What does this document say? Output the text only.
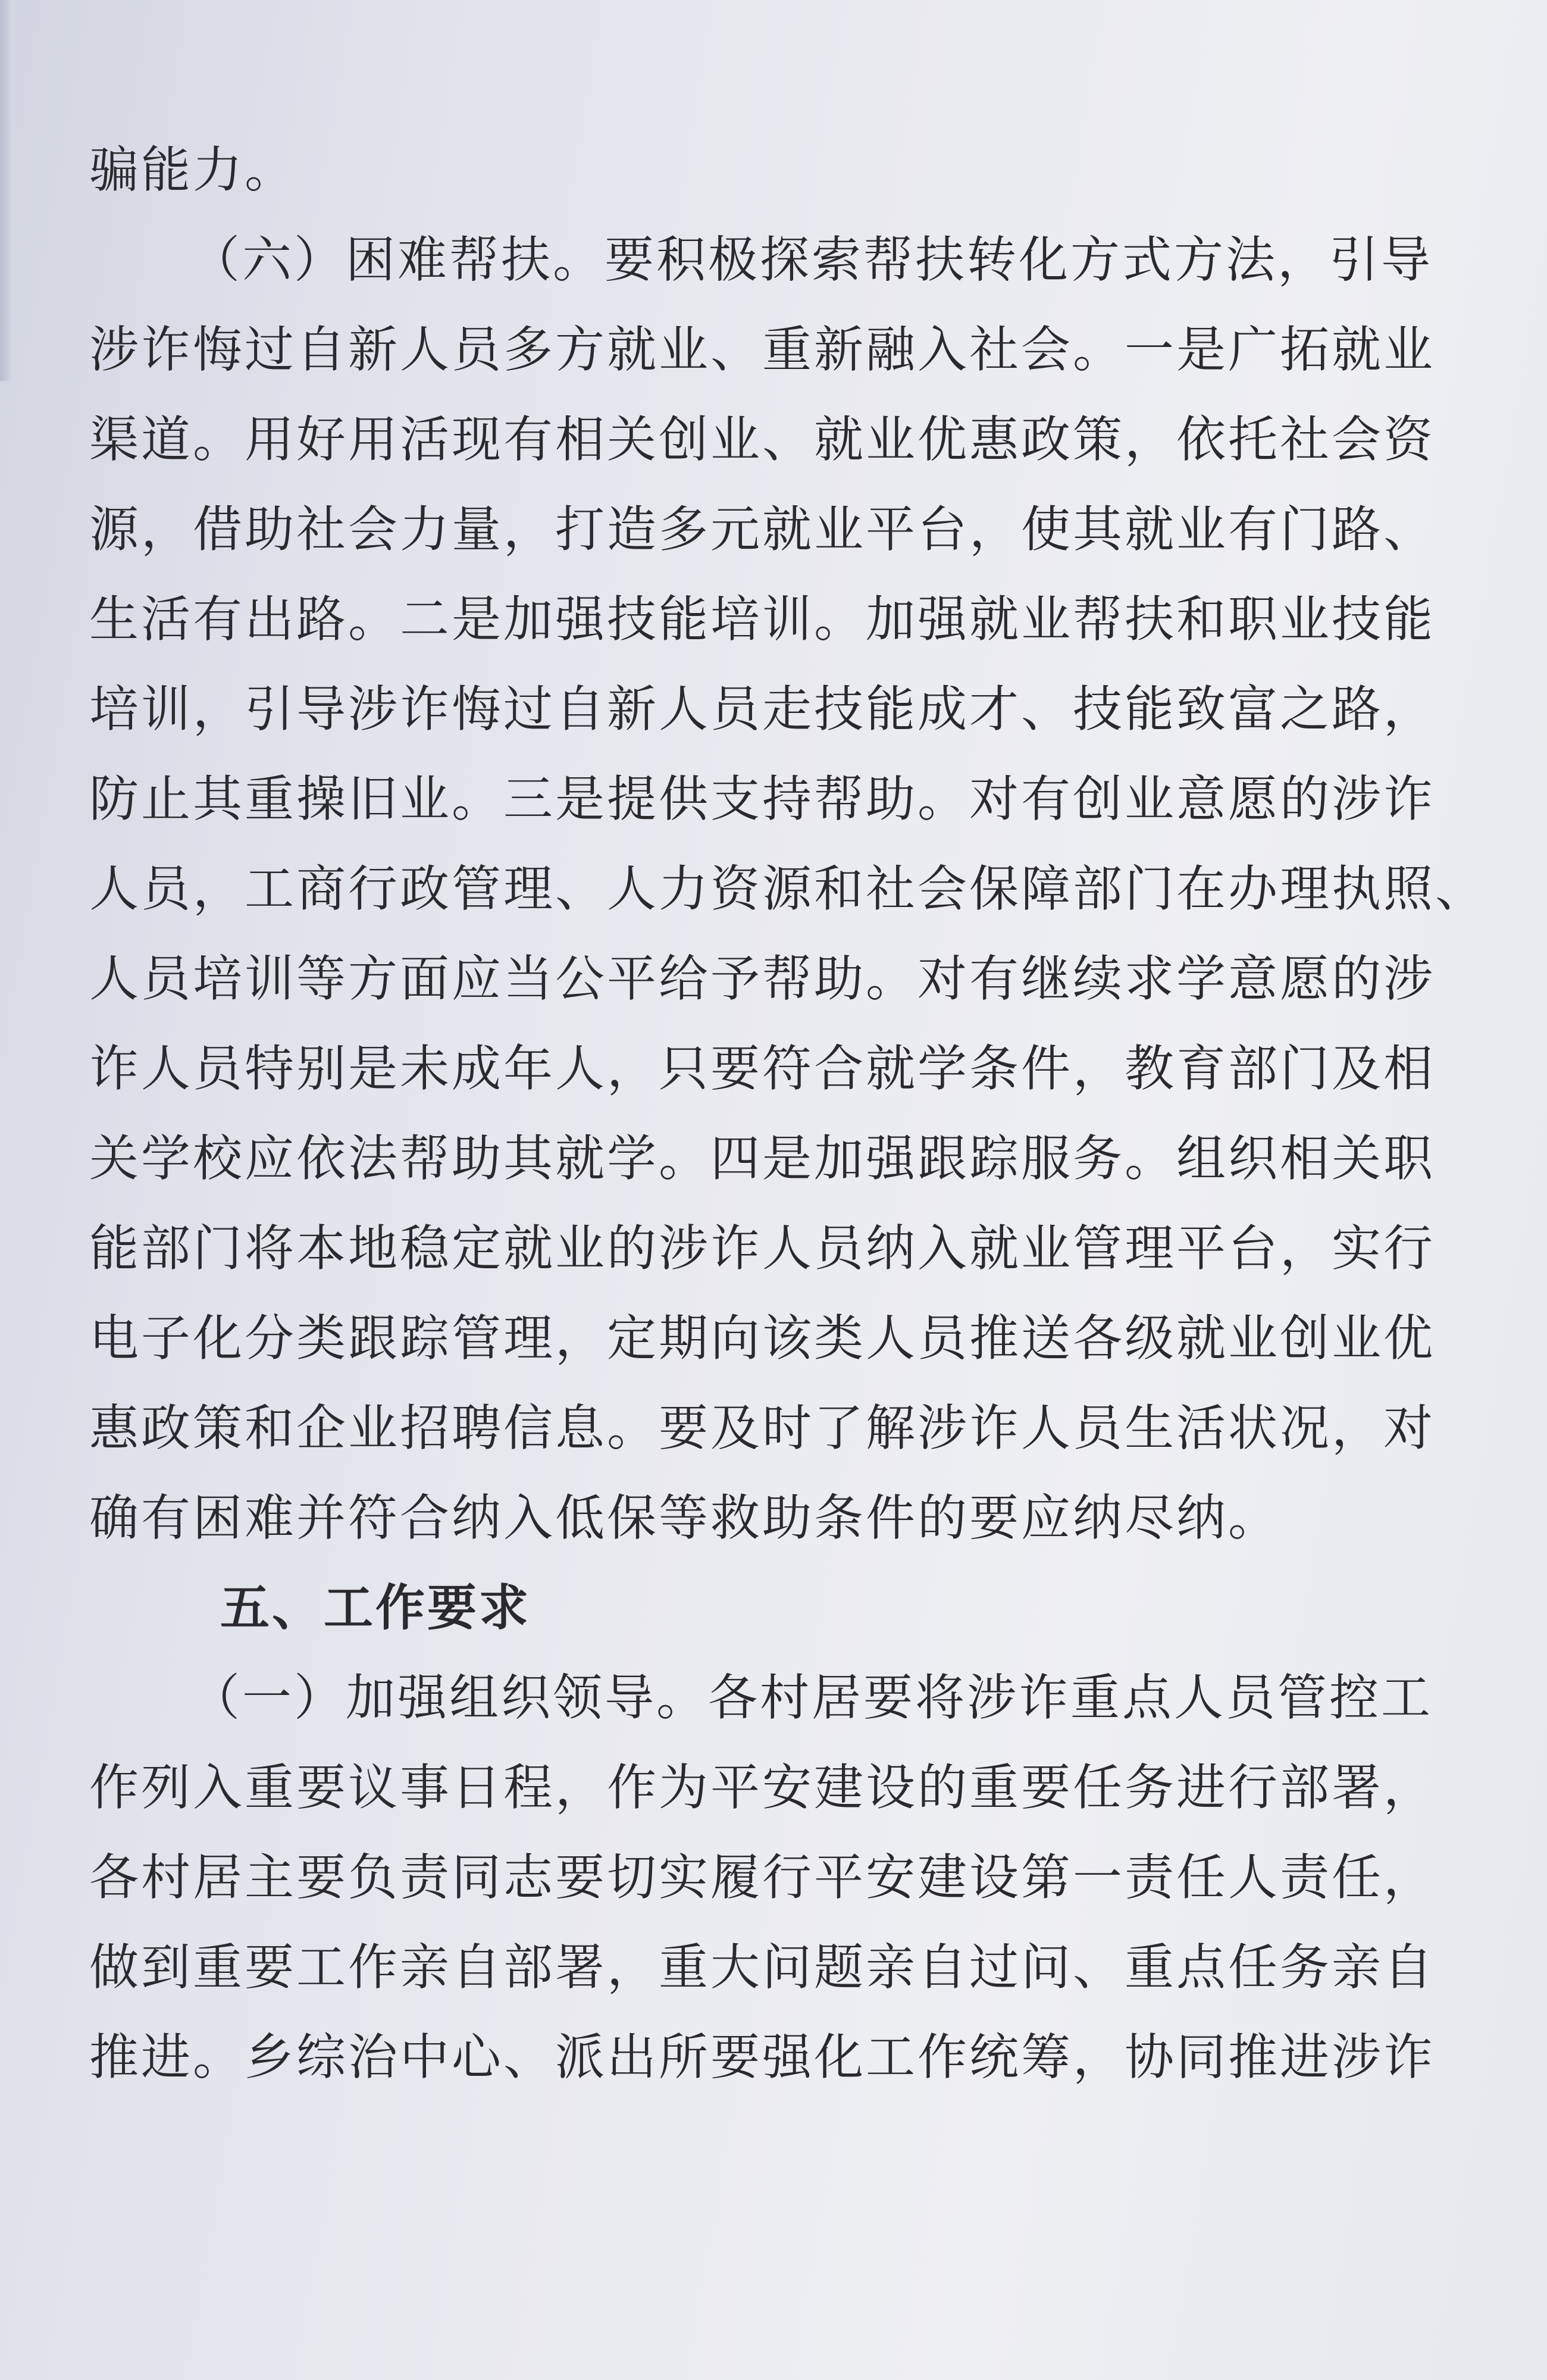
骗能力。
（六）困难帮扶。要积极探索帮扶转化方式方法，引导
涉诈悔过自新人员多方就业、重新融入社会。一是广拓就业
渠道。用好用活现有相关创业、就业优惠政策，依托社会资
源，借助社会力量，打造多元就业平台，使其就业有门路、
生活有出路。二是加强技能培训。加强就业帮扶和职业技能
培训，引导涉诈悔过自新人员走技能成才、技能致富之路，
防止其重操旧业。三是提供支持帮助。对有创业意愿的涉诈
人员，工商行政管理、人力资源和社会保障部门在办理执照、
人员培训等方面应当公平给予帮助。对有继续求学意愿的涉
诈人员特别是未成年人，只要符合就学条件，教育部门及相
关学校应依法帮助其就学。四是加强跟踪服务。组织相关职
能部门将本地稳定就业的涉诈人员纳入就业管理平台，实行
电子化分类跟踪管理，定期向该类人员推送各级就业创业优
惠政策和企业招聘信息。要及时了解涉诈人员生活状况，对
确有困难并符合纳入低保等救助条件的要应纳尽纳。
五、工作要求
（一）加强组织领导。各村居要将涉诈重点人员管控工
作列入重要议事日程，作为平安建设的重要任务进行部署，
各村居主要负责同志要切实履行平安建设第一责任人责任，
做到重要工作亲自部署，重大问题亲自过问、重点任务亲自
推进。乡综治中心、派出所要强化工作统筹，协同推进涉诈
